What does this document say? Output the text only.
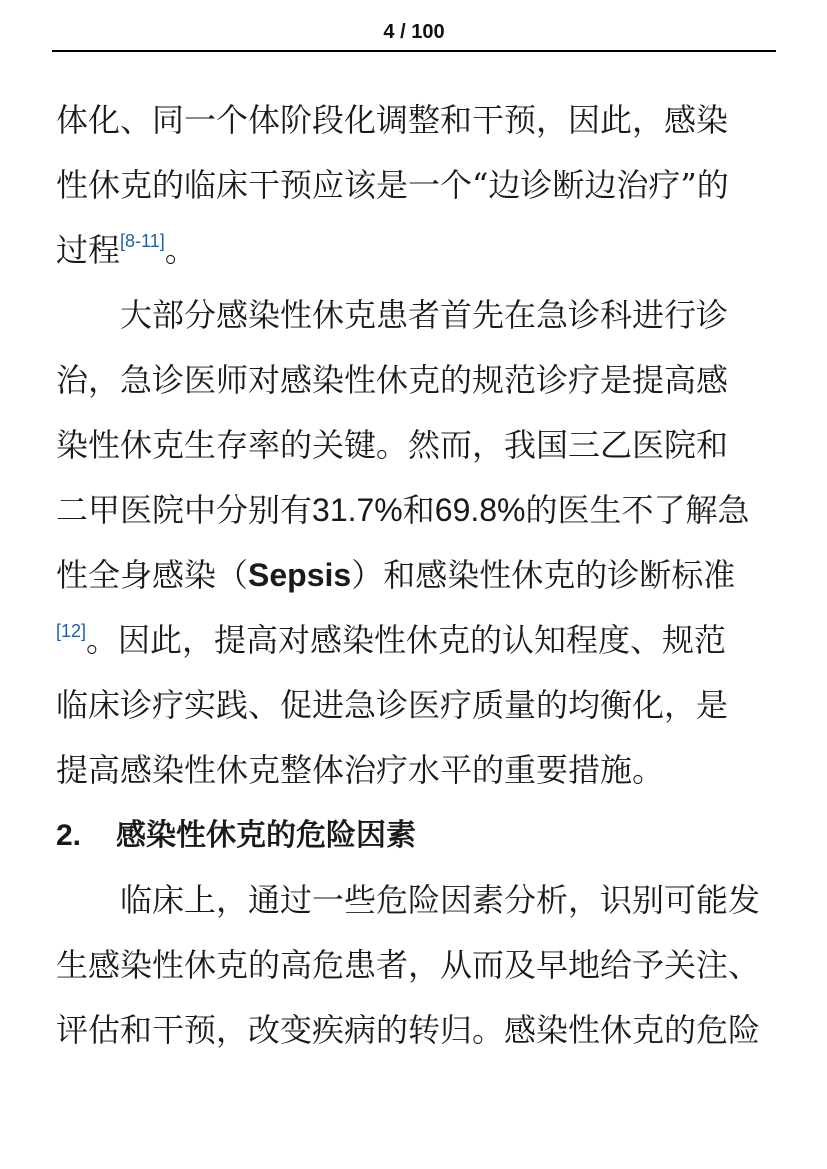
4 / 100
体化、同一个体阶段化调整和干预，因此，感染
性休克的临床干预应该是一个“边诊断边治疗”的
过程[8-11]。
大部分感染性休克患者首先在急诊科进行诊
治，急诊医师对感染性休克的规范诊疗是提高感
染性休克生存率的关键。然而，我国三乙医院和
二甲医院中分别有31.7%和69.8%的医生不了解急
性全身感染（Sepsis）和感染性休克的诊断标准
[12]。因此，提高对感染性休克的认知程度、规范
临床诊疗实践、促进急诊医疗质量的均衡化，是
提高感染性休克整体治疗水平的重要措施。
2. 感染性休克的危险因素
临床上，通过一些危险因素分析，识别可能发
生感染性休克的高危患者，从而及早地给予关注、
评估和干预，改变疾病的转归。感染性休克的危险
